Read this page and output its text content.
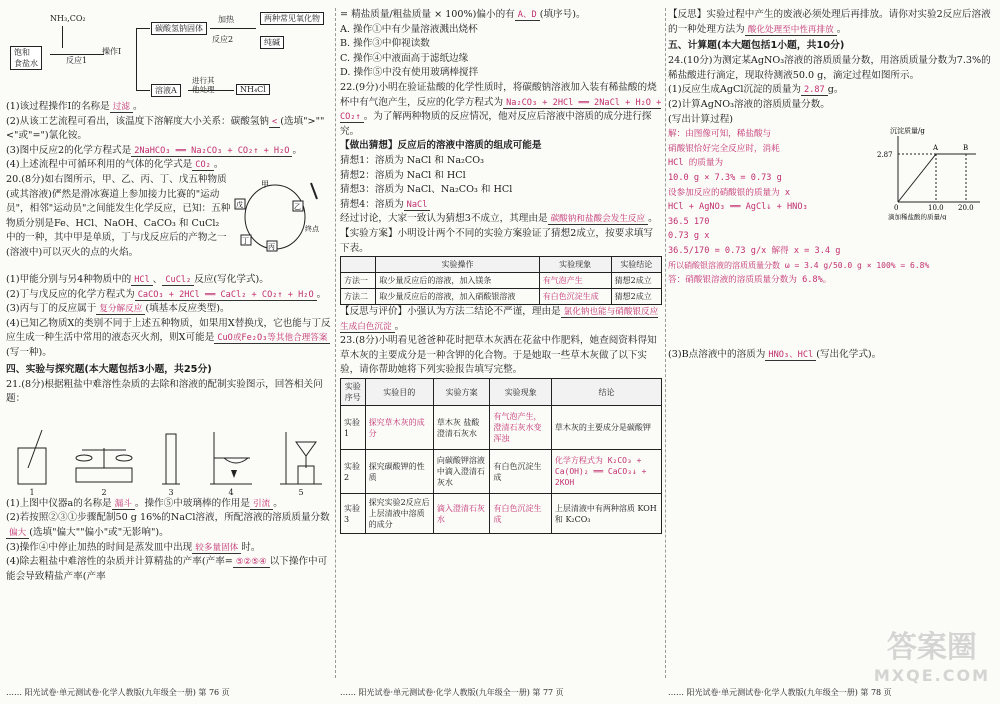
饱和
食盐水
NH₃,CO₂
反应1
操作Ⅰ
碳酸氢钠固体
加热
反应2
两种常见氧化物
纯碱
溶液A
进行其

NH₄Cl

(1)该过程操作Ⅰ的名称是 过滤 。

(2)从该工艺流程可看出，该温度下溶解度大小关系：碳酸氢钠 < (选填">""<"或"=")氯化铵。

(3)图中反应2的化学方程式是 2NaHCO₃ ══ Na₂CO₃ + CO₂↑ + H₂O 。

(4)上述流程中可循环利用的气体的化学式是 CO₂ 。

20.(8分)如右图所示，甲、乙、丙、丁、戊五种物质(或其溶液)俨然是滑冰赛道上参加接力比赛的"运动员"，相邻"运动员"之间能发生化学反应，已知：五种物质分别是Fe、HCl、NaOH、CaCO₃ 和 CuCl₂ 中的一种，其中甲是单质，丁与戊反应后的产物之一(溶液中)可以灭火的点的火焰。

甲
乙
丙
丁
戊
终点

(1)甲能分别与另4种物质中的 HCl 、 CuCl₂ 反应(写化学式)。

(2)丁与戊反应的化学方程式为 CaCO₃ + 2HCl ══ CaCl₂ + CO₂↑ + H₂O 。

(3)丙与丁的反应属于 复分解反应 (填基本反应类型)。

(4)已知乙物质X的类别不同于上述五种物质，如果用X替换戊，它也能与丁反应生成一种生活中常用的液态灭火剂，则X可能是 CuO或Fe₂O₃等其他合理答案(写一种)。

四、实验与探究题(本大题包括3小题，共25分)

21.(8分)根据粗盐中难溶性杂质的去除和溶液的配制实验图示，回答相关问题：

1	2	3	4	5

(1)上图中仪器a的名称是 漏斗 。操作⑤中玻璃棒的作用是 引流 。

(2)若按照②③①步骤配制50 g 16%的NaCl溶液，所配溶液的溶质质量分数偏大 (选填"偏大""偏小"或"无影响")。

(3)操作④中停止加热的时间是蒸发皿中出现 较多量固体 时。

(4)除去粗盐中难溶性的杂质并计算精盐的产率(产率= ⑤②⑤④ 以下操作中可能会导致精盐产率(产率

= 精盐质量/粗盐质量 × 100%)偏小的有 A、D (填序号)。

A. 操作①中有少量溶液溅出烧杯

B. 操作③中仰视读数

C. 操作④中液面高于滤纸边缘

D. 操作⑤中没有使用玻璃棒搅拌

22.(9分)小明在验证盐酸的化学性质时，将碳酸钠溶液加入装有稀盐酸的烧杯中有气泡产生，反应的化学方程式为 Na₂CO₃ + 2HCl ══ 2NaCl + H₂O + CO₂↑ 。为了解两种物质的反应情况，他对反应后溶液中溶质的成分进行探究。

【做出猜想】反应后的溶液中溶质的组成可能是

猜想1：溶质为 NaCl 和 Na₂CO₃

猜想2：溶质为 NaCl 和 HCl

猜想3：溶质为 NaCl、Na₂CO₃ 和 HCl

猜想4：溶质为 NaCl

经过讨论，大家一致认为猜想3不成立，其理由是 碳酸钠和盐酸会发生反应 。

【实验方案】小明设计两个不同的实验方案验证了猜想2成立，按要求填写下表。

	实验操作	实验现象	实验结论
方法一	取少量反应后的溶液，加入镁条	有气泡产生	猜想2成立
方法二	取少量反应后的溶液，加入硝酸银溶液	有白色沉淀生成	猜想2成立

【反思与评价】小强认为方法二结论不严谨，理由是 氯化钠也能与硝酸银反应生成白色沉淀 。

23.(8分)小明看见爸爸种花时把草木灰洒在花盆中作肥料，她查阅资料得知草木灰的主要成分是一种含钾的化合物。于是她取一些草木灰做了以下实验，请你帮助她将下列实验报告填写完整。

实验序号	实验目的	实验方案	实验现象	结论
实验1	探究草木灰的成分	草木灰 盐酸 澄清石灰水	有气泡产生，澄清石灰水变浑浊	草木灰的主要成分是碳酸钾
实验2	探究碳酸钾的性质	向碳酸钾溶液中滴入澄清石灰水	有白色沉淀生成	化学方程式为 K₂CO₃ + Ca(OH)₂ ══ CaCO₃↓ + 2KOH
实验3	探究实验2反应后上层清液中溶质的成分	滴入澄清石灰水	有白色沉淀生成	上层清液中有两种溶质 KOH 和 K₂CO₃

【反思】实验过程中产生的废液必须处理后再排放。请你对实验2反应后溶液的一种处理方法为 酸化处理至中性再排放 。

五、计算题(本大题包括1小题，共10分)

24.(10分)为测定某AgNO₃溶液的溶质质量分数，用溶质质量分数为7.3%的稀盐酸进行滴定，现取待测液50.0 g，滴定过程如图所示。

(1)反应生成AgCl沉淀的质量为 2.87 g。

(2)计算AgNO₃溶液的溶质质量分数。

(写出计算过程)

解：由图像可知，稀盐酸与

硝酸银恰好完全反应时，消耗

HCl 的质量为

10.0 g × 7.3% = 0.73 g

设参加反应的硝酸银的质量为 x

HCl + AgNO₃ ══ AgCl↓ + HNO₃

36.5 170

0.73 g x

36.5/170 = 0.73 g/x 解得 x = 3.4 g

所以硝酸银溶液的溶质质量分数 ω = 3.4 g/50.0 g × 100% = 6.8%

答：硝酸银溶液的溶质质量分数为 6.8%。

(3)B点溶液中的溶质为 HNO₃、HCl (写出化学式)。

沉淀质量/g
2.87
A	B
0	10.0 20.0
滴加稀盐酸的质量/g
…… 阳光试卷·单元测试卷·化学人教版(九年级全一册) 第 76 页	…… 阳光试卷·单元测试卷·化学人教版(九年级全一册) 第 77 页	…… 阳光试卷·单元测试卷·化学人教版(九年级全一册) 第 78 页
答案圈
MXQE.COM
